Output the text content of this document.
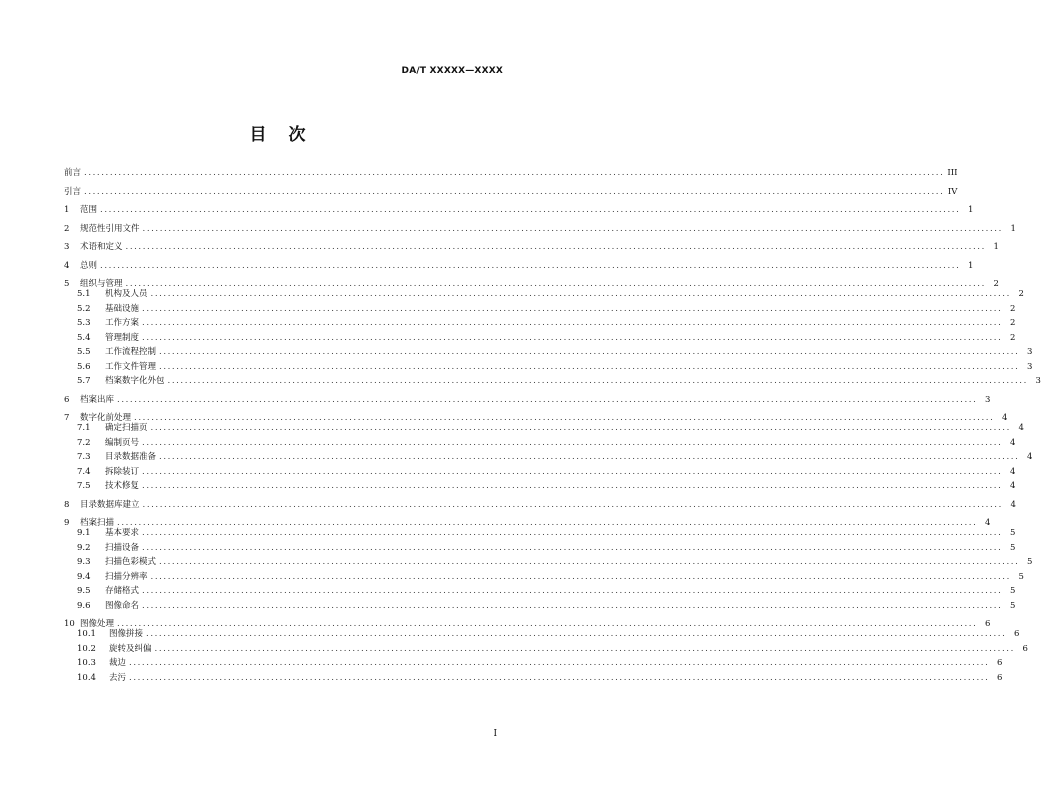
DA/T XXXXX—XXXX
目次
前言 ........................................................................................................................................................................................................ III
引言 ........................................................................................................................................................................................................ IV
1	范围 ........................................................................................................................................................................................................ 1
2	规范性引用文件 ........................................................................................................................................................................................................ 1
3	术语和定义 ........................................................................................................................................................................................................ 1
4	总则 ........................................................................................................................................................................................................ 1
5	组织与管理 ........................................................................................................................................................................................................ 2
5.1	机构及人员 ........................................................................................................................................................................................................ 2
5.2	基础设施 ........................................................................................................................................................................................................ 2
5.3	工作方案 ........................................................................................................................................................................................................ 2
5.4	管理制度 ........................................................................................................................................................................................................ 2
5.5	工作流程控制 ........................................................................................................................................................................................................ 3
5.6	工作文件管理 ........................................................................................................................................................................................................ 3
5.7	档案数字化外包 ........................................................................................................................................................................................................ 3
6	档案出库 ........................................................................................................................................................................................................ 3
7	数字化前处理 ........................................................................................................................................................................................................ 4
7.1	确定扫描页 ........................................................................................................................................................................................................ 4
7.2	编制页号 ........................................................................................................................................................................................................ 4
7.3	目录数据准备 ........................................................................................................................................................................................................ 4
7.4	拆除装订 ........................................................................................................................................................................................................ 4
7.5	技术修复 ........................................................................................................................................................................................................ 4
8	目录数据库建立 ........................................................................................................................................................................................................ 4
9	档案扫描 ........................................................................................................................................................................................................ 4
9.1	基本要求 ........................................................................................................................................................................................................ 5
9.2	扫描设备 ........................................................................................................................................................................................................ 5
9.3	扫描色彩模式 ........................................................................................................................................................................................................ 5
9.4	扫描分辨率 ........................................................................................................................................................................................................ 5
9.5	存储格式 ........................................................................................................................................................................................................ 5
9.6	图像命名 ........................................................................................................................................................................................................ 5
10 图像处理 ........................................................................................................................................................................................................ 6
10.1	图像拼接 ........................................................................................................................................................................................................ 6
10.2	旋转及纠偏 ........................................................................................................................................................................................................ 6
10.3	裁边 ........................................................................................................................................................................................................ 6
10.4	去污 ........................................................................................................................................................................................................ 6
I
